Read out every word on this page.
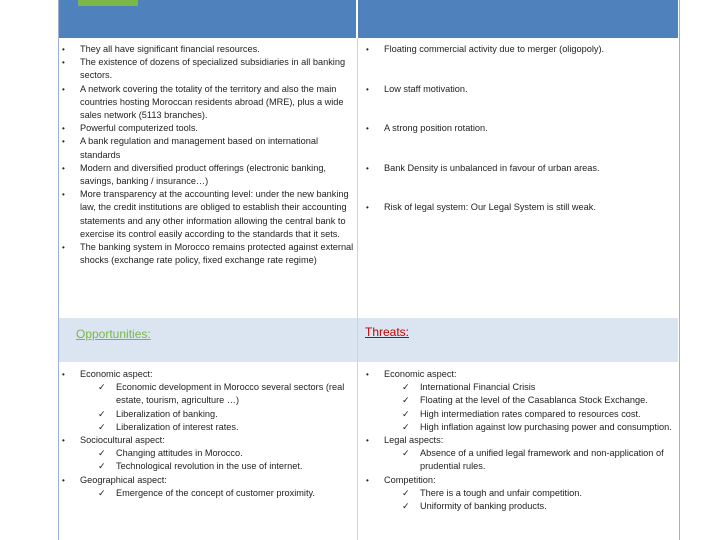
• They all have significant financial resources.
• The existence of dozens of specialized subsidiaries in all banking sectors.
• A network covering the totality of the territory and also the main countries hosting Moroccan residents abroad (MRE), plus a wide sales network (5113 branches).
• Powerful computerized tools.
• A bank regulation and management based on international standards
• Modern and diversified product offerings (electronic banking, savings, banking / insurance…)
• More transparency at the accounting level: under the new banking law, the credit institutions are obliged to establish their accounting statements and any other information allowing the central bank to exercise its control easily according to the standards that it sets.
• The banking system in Morocco remains protected against external shocks (exchange rate policy, fixed exchange rate regime)
• Floating commercial activity due to merger (oligopoly).
• Low staff motivation.
• A strong position rotation.
• Bank Density is unbalanced in favour of urban areas.
• Risk of legal system: Our Legal System is still weak.
Opportunities:	Threats:
• Economic aspect:
✓ Economic development in Morocco several sectors (real estate, tourism, agriculture …)
✓ Liberalization of banking.
✓ Liberalization of interest rates.
• Sociocultural aspect:
✓ Changing attitudes in Morocco.
✓ Technological revolution in the use of internet.
• Geographical aspect:
✓ Emergence of the concept of customer proximity.
• Economic aspect:
✓ International Financial Crisis
✓ Floating at the level of the Casablanca Stock Exchange.
✓ High intermediation rates compared to resources cost.
✓ High inflation against low purchasing power and consumption.
• Legal aspects:
✓ Absence of a unified legal framework and non-application of prudential rules.
• Competition:
✓ There is a tough and unfair competition.
✓ Uniformity of banking products.
